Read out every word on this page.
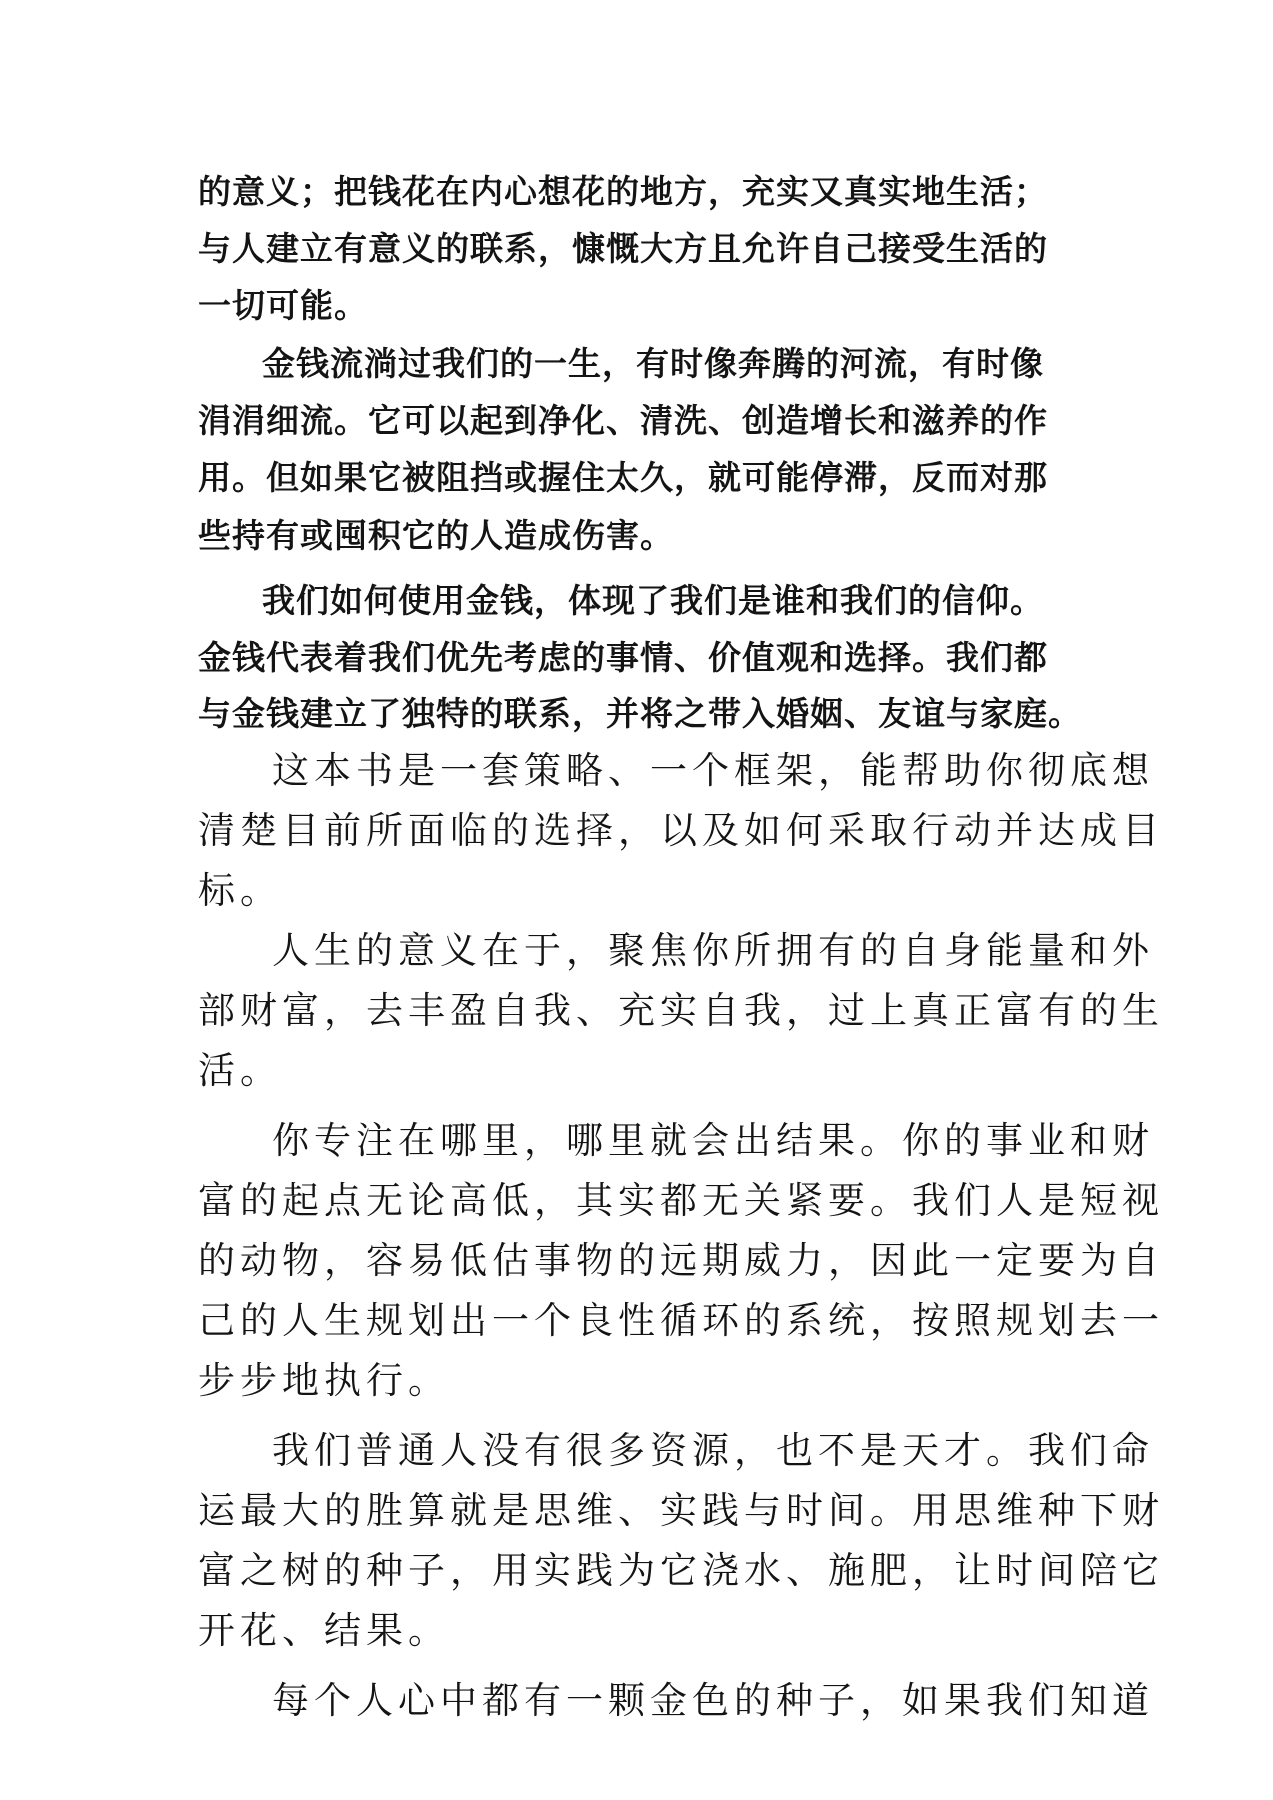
的意义；把钱花在内心想花的地方，充实又真实地生活；
与人建立有意义的联系，慷慨大方且允许自己接受生活的
一切可能。
金钱流淌过我们的一生，有时像奔腾的河流，有时像
涓涓细流。它可以起到净化、清洗、创造增长和滋养的作
用。但如果它被阻挡或握住太久，就可能停滞，反而对那
些持有或囤积它的人造成伤害。
我们如何使用金钱，体现了我们是谁和我们的信仰。
金钱代表着我们优先考虑的事情、价值观和选择。我们都
与金钱建立了独特的联系，并将之带入婚姻、友谊与家庭。
这本书是一套策略、一个框架，能帮助你彻底想
清楚目前所面临的选择，以及如何采取行动并达成目
标。
人生的意义在于，聚焦你所拥有的自身能量和外
部财富，去丰盈自我、充实自我，过上真正富有的生
活。
你专注在哪里，哪里就会出结果。你的事业和财
富的起点无论高低，其实都无关紧要。我们人是短视
的动物，容易低估事物的远期威力，因此一定要为自
己的人生规划出一个良性循环的系统，按照规划去一
步步地执行。
我们普通人没有很多资源，也不是天才。我们命
运最大的胜算就是思维、实践与时间。用思维种下财
富之树的种子，用实践为它浇水、施肥，让时间陪它
开花、结果。
每个人心中都有一颗金色的种子，如果我们知道
